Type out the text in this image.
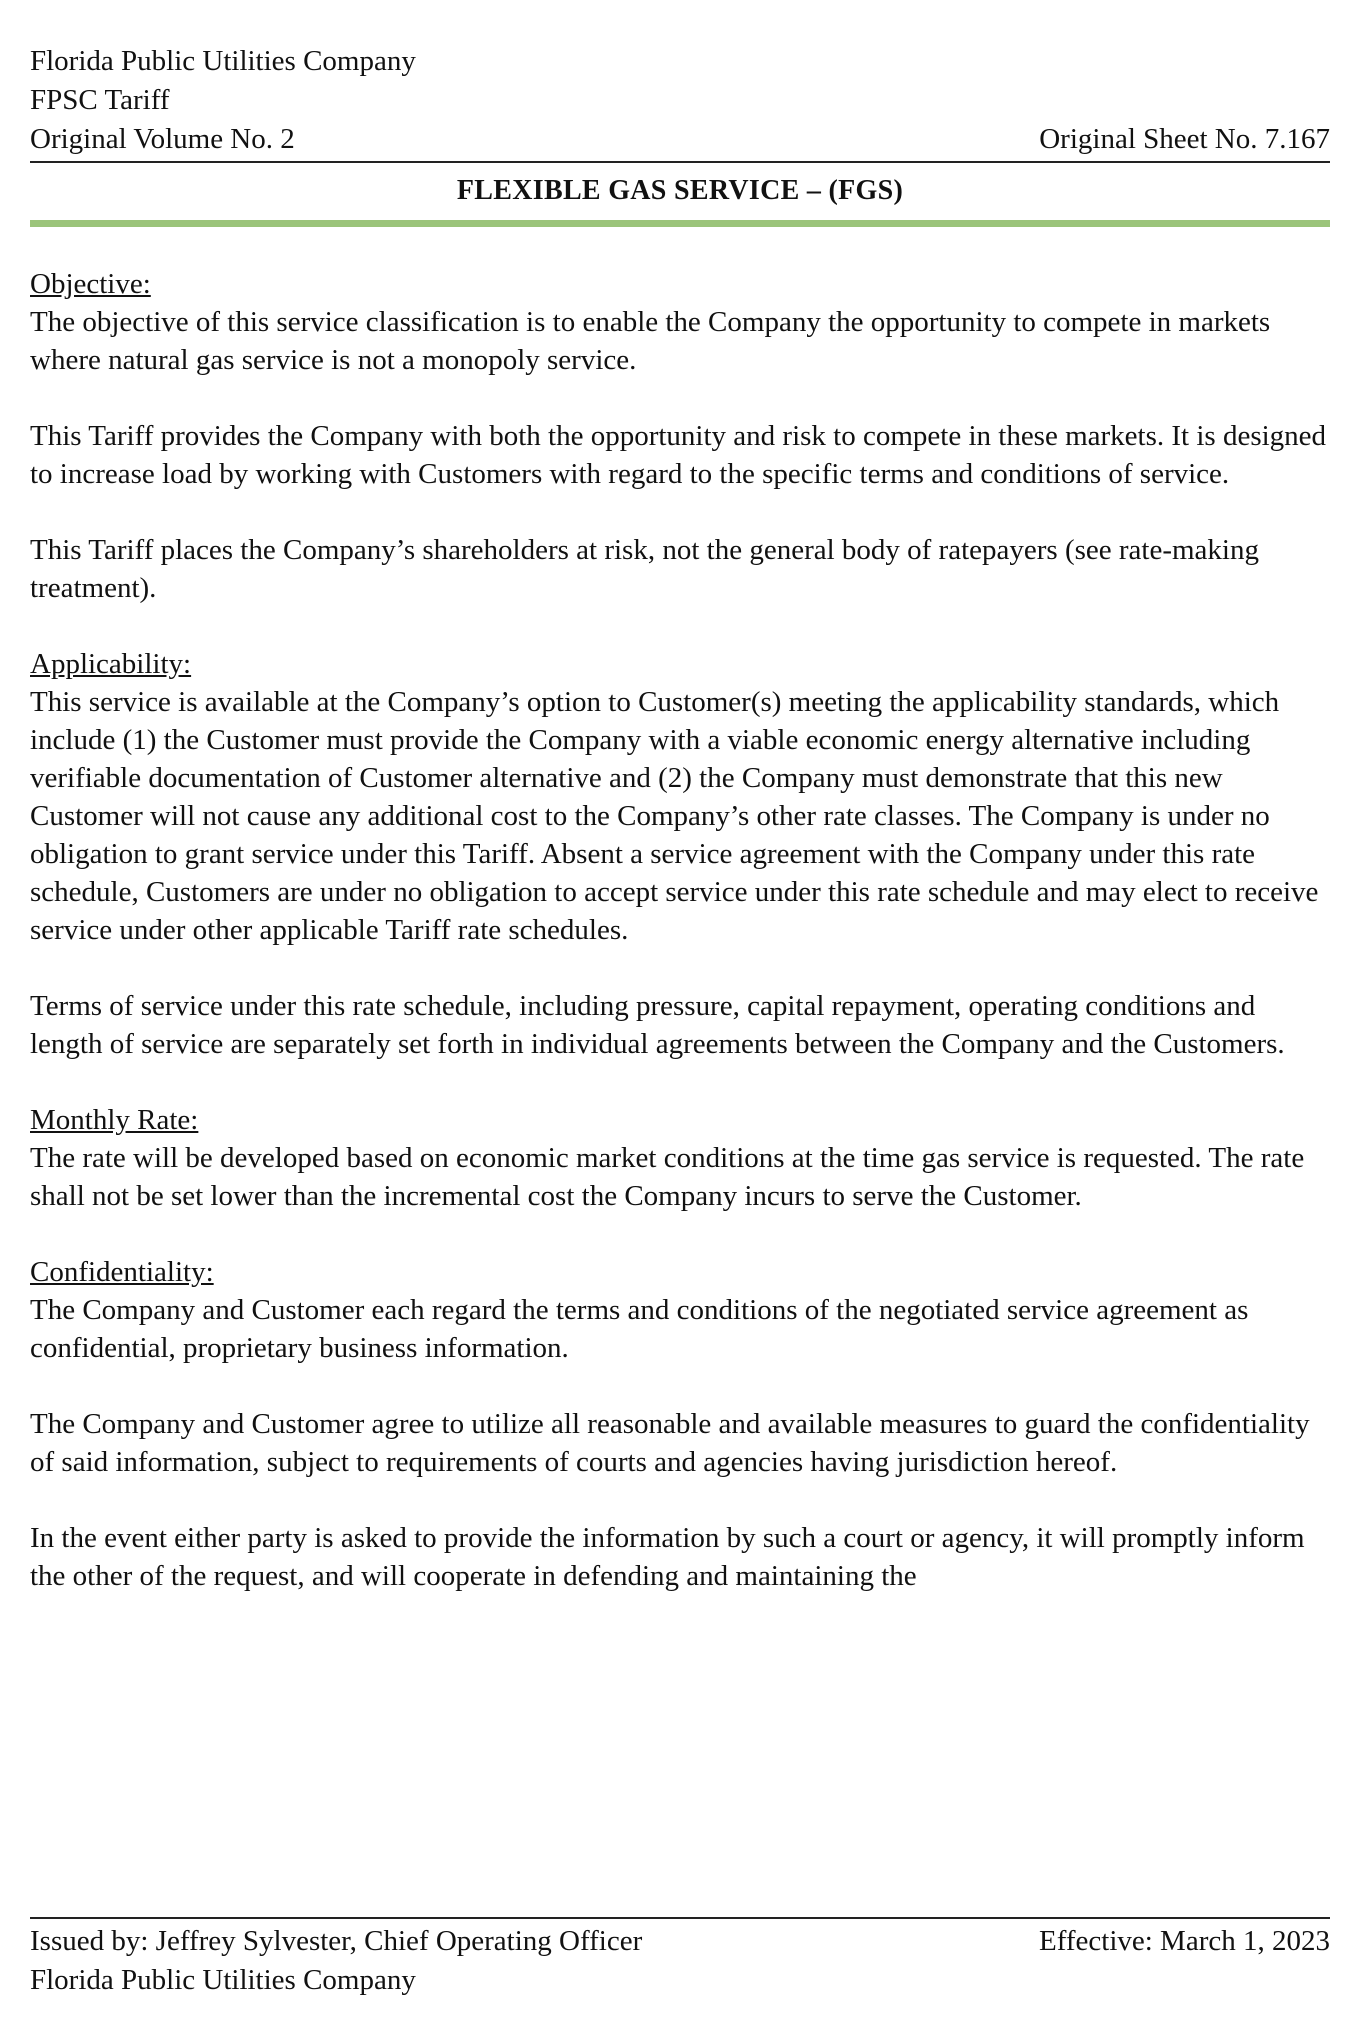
Florida Public Utilities Company
FPSC Tariff
Original Volume No. 2	Original Sheet No. 7.167
FLEXIBLE GAS SERVICE – (FGS)

Objective:

The objective of this service classification is to enable the Company the opportunity to compete in markets where natural gas service is not a monopoly service.

This Tariff provides the Company with both the opportunity and risk to compete in these markets. It is designed to increase load by working with Customers with regard to the specific terms and conditions of service.

This Tariff places the Company’s shareholders at risk, not the general body of ratepayers (see rate-making treatment).

Applicability:

This service is available at the Company’s option to Customer(s) meeting the applicability standards, which include (1) the Customer must provide the Company with a viable economic energy alternative including verifiable documentation of Customer alternative and (2) the Company must demonstrate that this new Customer will not cause any additional cost to the Company’s other rate classes. The Company is under no obligation to grant service under this Tariff. Absent a service agreement with the Company under this rate schedule, Customers are under no obligation to accept service under this rate schedule and may elect to receive service under other applicable Tariff rate schedules.

Terms of service under this rate schedule, including pressure, capital repayment, operating conditions and length of service are separately set forth in individual agreements between the Company and the Customers.

Monthly Rate:

The rate will be developed based on economic market conditions at the time gas service is requested. The rate shall not be set lower than the incremental cost the Company incurs to serve the Customer.

Confidentiality:

The Company and Customer each regard the terms and conditions of the negotiated service agreement as confidential, proprietary business information.

The Company and Customer agree to utilize all reasonable and available measures to guard the confidentiality of said information, subject to requirements of courts and agencies having jurisdiction hereof.

In the event either party is asked to provide the information by such a court or agency, it will promptly inform the other of the request, and will cooperate in defending and maintaining the

Issued by: Jeffrey Sylvester, Chief Operating Officer	Effective: March 1, 2023
Florida Public Utilities Company
